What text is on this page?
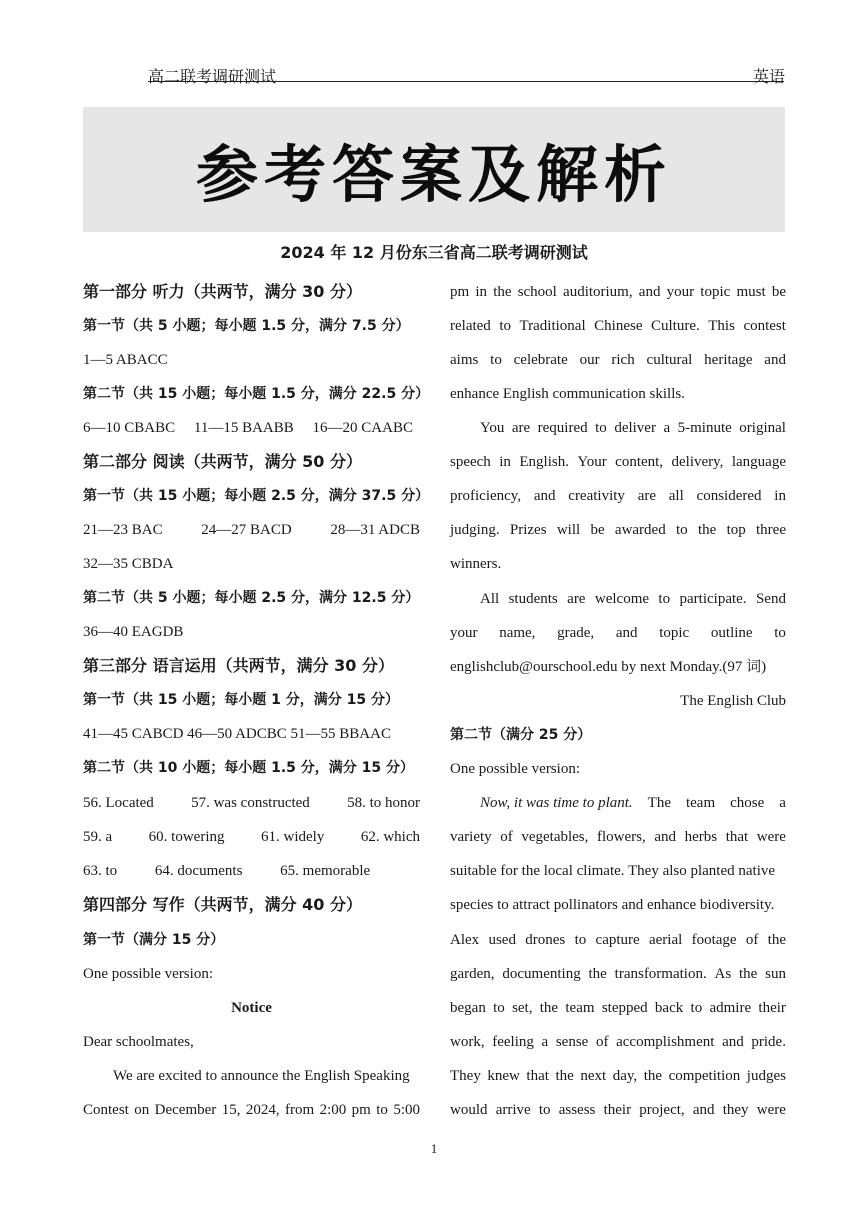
高二联考调研测试	英语
参考答案及解析
2024 年 12 月份东三省高二联考调研测试
第一部分 听力（共两节，满分 30 分）
第一节（共 5 小题；每小题 1.5 分，满分 7.5 分）
1—5 ABACC
第二节（共 15 小题；每小题 1.5 分，满分 22.5 分）
6—10 CBABC 11—15 BAABB 16—20 CAABC
第二部分 阅读（共两节，满分 50 分）
第一节（共 15 小题；每小题 2.5 分，满分 37.5 分）
21—23 BAC	24—27 BACD	28—31 ADCB
32—35 CBDA
第二节（共 5 小题；每小题 2.5 分，满分 12.5 分）
36—40 EAGDB
第三部分 语言运用（共两节，满分 30 分）
第一节（共 15 小题；每小题 1 分，满分 15 分）
41—45 CABCD 46—50 ADCBC 51—55 BBAAC
第二节（共 10 小题；每小题 1.5 分，满分 15 分）
56. Located 57. was constructed 58. to honor
59. a 60. towering 61. widely 62. which
63. to	64. documents	65. memorable
第四部分 写作（共两节，满分 40 分）
第一节（满分 15 分）
One possible version:
Notice
Dear schoolmates,
We are excited to announce the English Speaking
Contest on December 15, 2024, from 2:00 pm to 5:00
The English Club
第二节（满分 25 分）
One possible version:
Now, it was time to plant. The team chose a
pm in the school auditorium, and your topic must be
related to Traditional Chinese Culture. This contest
aims to celebrate our rich cultural heritage and
enhance English communication skills.
You are required to deliver a 5-minute original
speech in English. Your content, delivery, language
proficiency, and creativity are all considered in
judging. Prizes will be awarded to the top three
winners.
All students are welcome to participate. Send
your name, grade, and topic outline to
englishclub@ourschool.edu by next Monday.(97 词)
variety of vegetables, flowers, and herbs that were
suitable for the local climate. They also planted native
species to attract pollinators and enhance biodiversity.
Alex used drones to capture aerial footage of the
garden, documenting the transformation. As the sun
began to set, the team stepped back to admire their
work, feeling a sense of accomplishment and pride.
They knew that the next day, the competition judges
would arrive to assess their project, and they were
1
